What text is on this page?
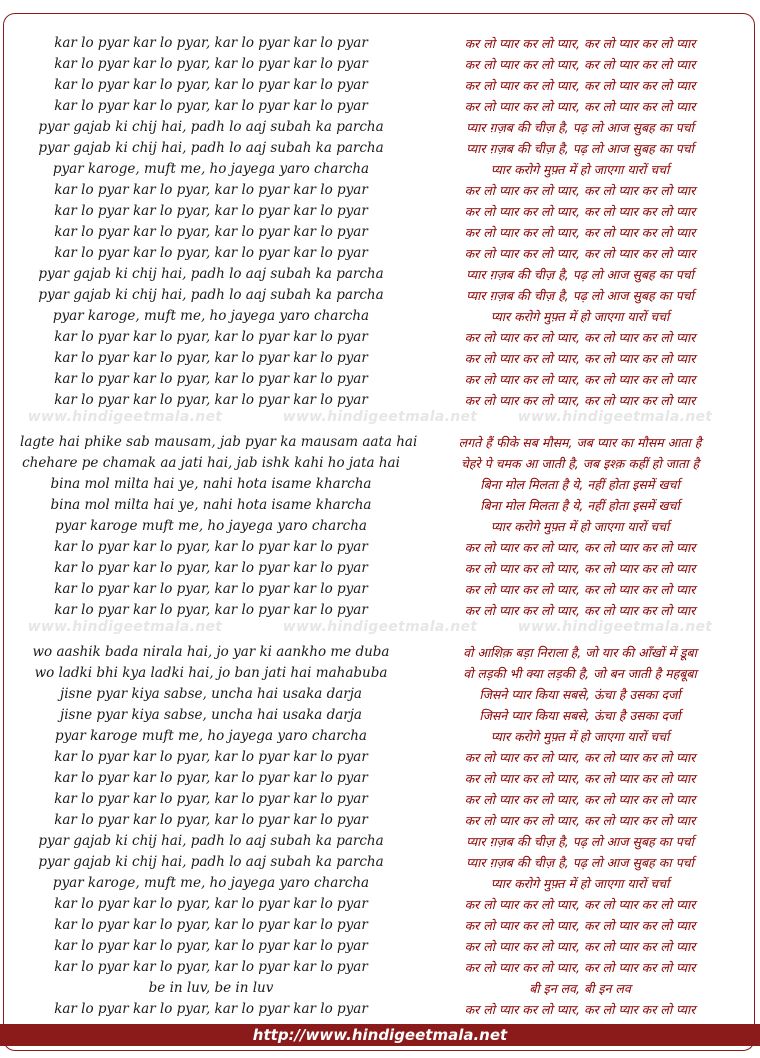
kar lo pyar kar lo pyar, kar lo pyar kar lo pyar	कर लो प्यार कर लो प्यार, कर लो प्यार कर लो प्यार
kar lo pyar kar lo pyar, kar lo pyar kar lo pyar	कर लो प्यार कर लो प्यार, कर लो प्यार कर लो प्यार
kar lo pyar kar lo pyar, kar lo pyar kar lo pyar	कर लो प्यार कर लो प्यार, कर लो प्यार कर लो प्यार
kar lo pyar kar lo pyar, kar lo pyar kar lo pyar	कर लो प्यार कर लो प्यार, कर लो प्यार कर लो प्यार
pyar gajab ki chij hai, padh lo aaj subah ka parcha	प्यार ग़ज़ब की चीज़ है, पढ़ लो आज सुबह का पर्चा
pyar gajab ki chij hai, padh lo aaj subah ka parcha	प्यार ग़ज़ब की चीज़ है, पढ़ लो आज सुबह का पर्चा
pyar karoge, muft me, ho jayega yaro charcha	प्यार करोगे मुफ़्त में हो जाएगा यारों चर्चा
kar lo pyar kar lo pyar, kar lo pyar kar lo pyar	कर लो प्यार कर लो प्यार, कर लो प्यार कर लो प्यार
kar lo pyar kar lo pyar, kar lo pyar kar lo pyar	कर लो प्यार कर लो प्यार, कर लो प्यार कर लो प्यार
kar lo pyar kar lo pyar, kar lo pyar kar lo pyar	कर लो प्यार कर लो प्यार, कर लो प्यार कर लो प्यार
kar lo pyar kar lo pyar, kar lo pyar kar lo pyar	कर लो प्यार कर लो प्यार, कर लो प्यार कर लो प्यार
pyar gajab ki chij hai, padh lo aaj subah ka parcha	प्यार ग़ज़ब की चीज़ है, पढ़ लो आज सुबह का पर्चा
pyar gajab ki chij hai, padh lo aaj subah ka parcha	प्यार ग़ज़ब की चीज़ है, पढ़ लो आज सुबह का पर्चा
pyar karoge, muft me, ho jayega yaro charcha	प्यार करोगे मुफ़्त में हो जाएगा यारों चर्चा
kar lo pyar kar lo pyar, kar lo pyar kar lo pyar	कर लो प्यार कर लो प्यार, कर लो प्यार कर लो प्यार
kar lo pyar kar lo pyar, kar lo pyar kar lo pyar	कर लो प्यार कर लो प्यार, कर लो प्यार कर लो प्यार
kar lo pyar kar lo pyar, kar lo pyar kar lo pyar	कर लो प्यार कर लो प्यार, कर लो प्यार कर लो प्यार
kar lo pyar kar lo pyar, kar lo pyar kar lo pyar	कर लो प्यार कर लो प्यार, कर लो प्यार कर लो प्यार
lagte hai phike sab mausam, jab pyar ka mausam aata hai	लगते हैं फीके सब मौसम, जब प्यार का मौसम आता है
chehare pe chamak aa jati hai, jab ishk kahi ho jata hai	चेहरे पे चमक आ जाती है, जब इश्क़ कहीं हो जाता है
bina mol milta hai ye, nahi hota isame kharcha	बिना मोल मिलता है ये, नहीं होता इसमें खर्चा
bina mol milta hai ye, nahi hota isame kharcha	बिना मोल मिलता है ये, नहीं होता इसमें खर्चा
pyar karoge muft me, ho jayega yaro charcha	प्यार करोगे मुफ़्त में हो जाएगा यारों चर्चा
kar lo pyar kar lo pyar, kar lo pyar kar lo pyar	कर लो प्यार कर लो प्यार, कर लो प्यार कर लो प्यार
kar lo pyar kar lo pyar, kar lo pyar kar lo pyar	कर लो प्यार कर लो प्यार, कर लो प्यार कर लो प्यार
kar lo pyar kar lo pyar, kar lo pyar kar lo pyar	कर लो प्यार कर लो प्यार, कर लो प्यार कर लो प्यार
kar lo pyar kar lo pyar, kar lo pyar kar lo pyar	कर लो प्यार कर लो प्यार, कर लो प्यार कर लो प्यार
wo aashik bada nirala hai, jo yar ki aankho me duba	वो आशिक़ बड़ा निराला है, जो यार की आँखों में डूबा
wo ladki bhi kya ladki hai, jo ban jati hai mahabuba	वो लड़की भी क्या लड़की है, जो बन जाती है महबूबा
jisne pyar kiya sabse, uncha hai usaka darja	जिसने प्यार किया सबसे, ऊंचा है उसका दर्जा
jisne pyar kiya sabse, uncha hai usaka darja	जिसने प्यार किया सबसे, ऊंचा है उसका दर्जा
pyar karoge muft me, ho jayega yaro charcha	प्यार करोगे मुफ़्त में हो जाएगा यारों चर्चा
kar lo pyar kar lo pyar, kar lo pyar kar lo pyar	कर लो प्यार कर लो प्यार, कर लो प्यार कर लो प्यार
kar lo pyar kar lo pyar, kar lo pyar kar lo pyar	कर लो प्यार कर लो प्यार, कर लो प्यार कर लो प्यार
kar lo pyar kar lo pyar, kar lo pyar kar lo pyar	कर लो प्यार कर लो प्यार, कर लो प्यार कर लो प्यार
kar lo pyar kar lo pyar, kar lo pyar kar lo pyar	कर लो प्यार कर लो प्यार, कर लो प्यार कर लो प्यार
pyar gajab ki chij hai, padh lo aaj subah ka parcha	प्यार ग़ज़ब की चीज़ है, पढ़ लो आज सुबह का पर्चा
pyar gajab ki chij hai, padh lo aaj subah ka parcha	प्यार ग़ज़ब की चीज़ है, पढ़ लो आज सुबह का पर्चा
pyar karoge, muft me, ho jayega yaro charcha	प्यार करोगे मुफ़्त में हो जाएगा यारों चर्चा
kar lo pyar kar lo pyar, kar lo pyar kar lo pyar	कर लो प्यार कर लो प्यार, कर लो प्यार कर लो प्यार
kar lo pyar kar lo pyar, kar lo pyar kar lo pyar	कर लो प्यार कर लो प्यार, कर लो प्यार कर लो प्यार
kar lo pyar kar lo pyar, kar lo pyar kar lo pyar	कर लो प्यार कर लो प्यार, कर लो प्यार कर लो प्यार
kar lo pyar kar lo pyar, kar lo pyar kar lo pyar	कर लो प्यार कर लो प्यार, कर लो प्यार कर लो प्यार
be in luv, be in luv	बी इन लव, बी इन लव
kar lo pyar kar lo pyar, kar lo pyar kar lo pyar	कर लो प्यार कर लो प्यार, कर लो प्यार कर लो प्यार
www.hindigeetmala.net	www.hindigeetmala.net	www.hindigeetmala.net
www.hindigeetmala.net	www.hindigeetmala.net	www.hindigeetmala.net
http://www.hindigeetmala.net
